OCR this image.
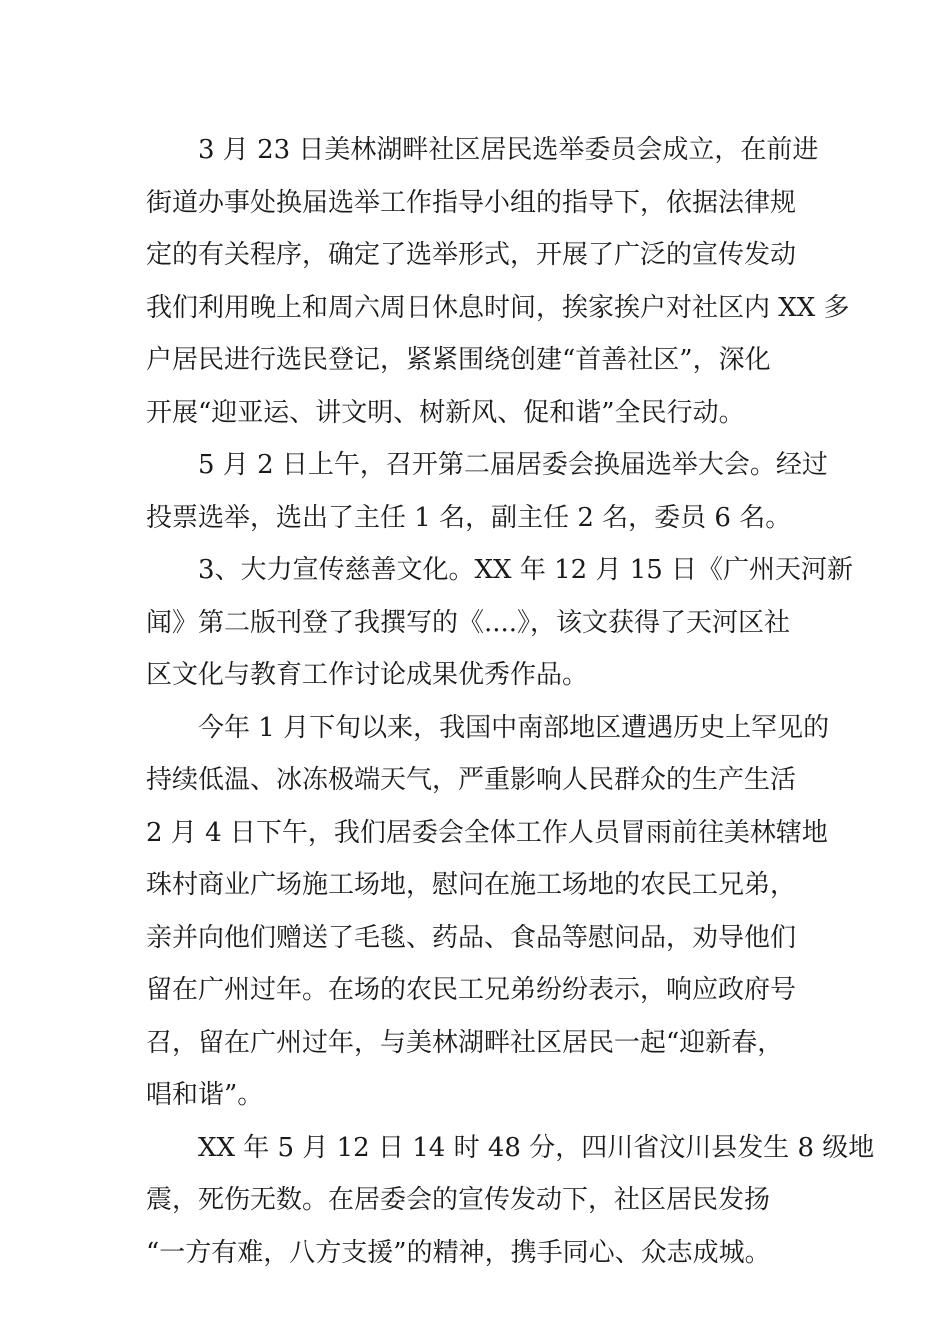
3 月 23 日美林湖畔社区居民选举委员会成立，在前进
街道办事处换届选举工作指导小组的指导下，依据法律规
定的有关程序，确定了选举形式，开展了广泛的宣传发动
我们利用晚上和周六周日休息时间，挨家挨户对社区内 XX 多
户居民进行选民登记，紧紧围绕创建“首善社区”，深化
开展“迎亚运、讲文明、树新风、促和谐”全民行动。

5 月 2 日上午，召开第二届居委会换届选举大会。经过
投票选举，选出了主任 1 名，副主任 2 名，委员 6 名。

3、大力宣传慈善文化。XX 年 12 月 15 日《广州天河新
闻》第二版刊登了我撰写的《....》，该文获得了天河区社
区文化与教育工作讨论成果优秀作品。

今年 1 月下旬以来，我国中南部地区遭遇历史上罕见的
持续低温、冰冻极端天气，严重影响人民群众的生产生活
2 月 4 日下午，我们居委会全体工作人员冒雨前往美林辖地
珠村商业广场施工场地，慰问在施工场地的农民工兄弟，
亲并向他们赠送了毛毯、药品、食品等慰问品，劝导他们
留在广州过年。在场的农民工兄弟纷纷表示，响应政府号
召，留在广州过年，与美林湖畔社区居民一起“迎新春，
唱和谐”。

XX 年 5 月 12 日 14 时 48 分，四川省汶川县发生 8 级地
震，死伤无数。在居委会的宣传发动下，社区居民发扬
“一方有难，八方支援”的精神，携手同心、众志成城。
